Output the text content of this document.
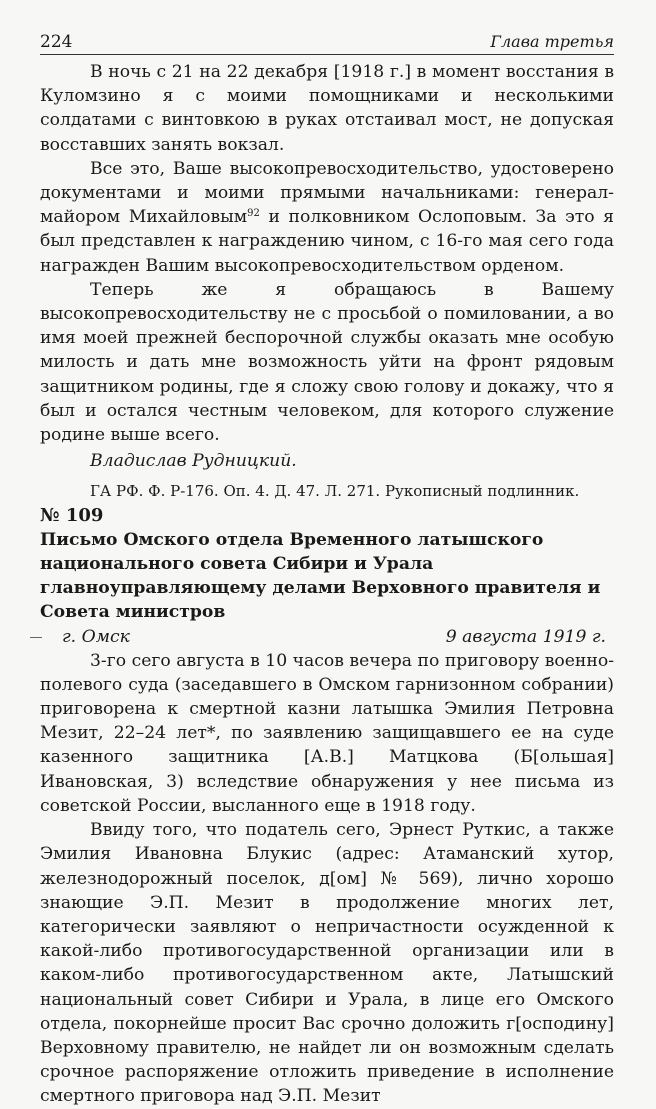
224	Глава третья

В ночь с 21 на 22 декабря [1918 г.] в момент восстания в Куломзино я с моими помощниками и несколькими солдатами с винтовкою в руках отстаивал мост, не допуская восставших занять вокзал.

Все это, Ваше высокопревосходительство, удостоверено документами и моими прямыми начальниками: генерал-майором Михайловым$^{92}$ и полковником Ослоповым. За это я был представлен к награждению чином, с 16-го мая сего года награжден Вашим высокопревосходительством орденом.

Теперь же я обращаюсь в Вашему высокопревосходительству не с просьбой о помиловании, а во имя моей прежней беспорочной службы оказать мне особую милость и дать мне возможность уйти на фронт рядовым защитником родины, где я сложу свою голову и докажу, что я был и остался честным человеком, для которого служение родине выше всего.

Владислав Рудницкий.

ГА РФ. Ф. Р-176. Оп. 4. Д. 47. Л. 271. Рукописный подлинник.

№ 109

Письмо Омского отдела Временного латышского национального совета Сибири и Урала главноуправляющему делами Верховного правителя и Совета министров

г. Омск	9 августа 1919 г.

3-го сего августа в 10 часов вечера по приговору военно-полевого суда (заседавшего в Омском гарнизонном собрании) приговорена к смертной казни латышка Эмилия Петровна Мезит, 22–24 лет*, по заявлению защищавшего ее на суде казенного защитника [А.В.] Матцкова (Б[ольшая] Ивановская, 3) вследствие обнаружения у нее письма из советской России, высланного еще в 1918 году.

Ввиду того, что податель сего, Эрнест Руткис, а также Эмилия Ивановна Блукис (адрес: Атаманский хутор, железнодорожный поселок, д[ом] № 569), лично хорошо знающие Э.П. Мезит в продолжение многих лет, категорически заявляют о непричастности осужденной к какой-либо противогосударственной организации или в каком-либо противогосударственном акте, Латышский национальный совет Сибири и Урала, в лице его Омского отдела, покорнейше просит Вас срочно доложить г[осподину] Верховному правителю, не найдет ли он возможным сделать срочное распоряжение отложить приведение в исполнение смертного приговора над Э.П. Мезит
